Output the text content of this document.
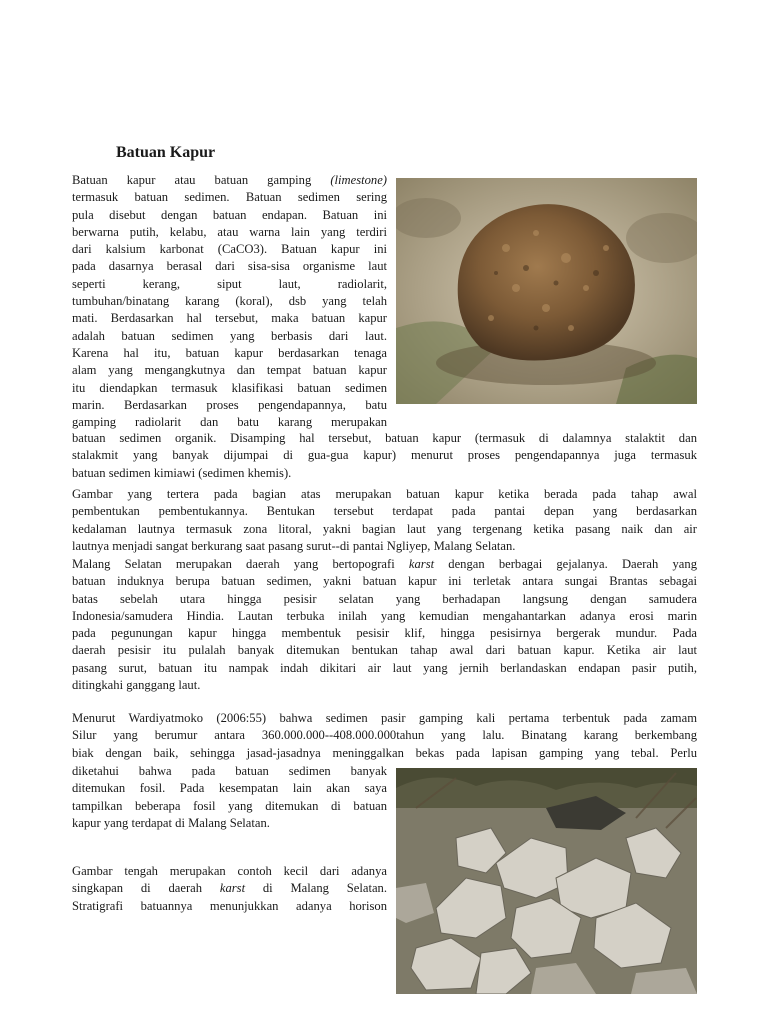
Batuan Kapur
Batuan kapur atau batuan gamping (limestone)
termasuk batuan sedimen. Batuan sedimen sering
pula disebut dengan batuan endapan. Batuan ini
berwarna putih, kelabu, atau warna lain yang terdiri
dari kalsium karbonat (CaCO3). Batuan kapur ini
pada dasarnya berasal dari sisa-sisa organisme laut
seperti kerang, siput laut, radiolarit,
tumbuhan/binatang karang (koral), dsb yang telah
mati. Berdasarkan hal tersebut, maka batuan kapur
adalah batuan sedimen yang berbasis dari laut.
Karena hal itu, batuan kapur berdasarkan tenaga
alam yang mengangkutnya dan tempat batuan kapur
itu diendapkan termasuk klasifikasi batuan sedimen
marin. Berdasarkan proses pengendapannya, batu
gamping radiolarit dan batu karang merupakan
batuan sedimen organik. Disamping hal tersebut, batuan kapur (termasuk di dalamnya stalaktit dan
stalakmit yang banyak dijumpai di gua-gua kapur) menurut proses pengendapannya juga termasuk
batuan sedimen kimiawi (sedimen khemis).
Gambar yang tertera pada bagian atas merupakan batuan kapur ketika berada pada tahap awal
pembentukan pembentukannya. Bentukan tersebut terdapat pada pantai depan yang berdasarkan
kedalaman lautnya termasuk zona litoral, yakni bagian laut yang tergenang ketika pasang naik dan air
lautnya menjadi sangat berkurang saat pasang surut--di pantai Ngliyep, Malang Selatan.
Malang Selatan merupakan daerah yang bertopografi karst dengan berbagai gejalanya. Daerah yang
batuan induknya berupa batuan sedimen, yakni batuan kapur ini terletak antara sungai Brantas sebagai
batas sebelah utara hingga pesisir selatan yang berhadapan langsung dengan samudera
Indonesia/samudera Hindia. Lautan terbuka inilah yang kemudian mengahantarkan adanya erosi marin
pada pegunungan kapur hingga membentuk pesisir klif, hingga pesisirnya bergerak mundur. Pada
daerah pesisir itu pulalah banyak ditemukan bentukan tahap awal dari batuan kapur. Ketika air laut
pasang surut, batuan itu nampak indah dikitari air laut yang jernih berlandaskan endapan pasir putih,
ditingkahi ganggang laut.
Menurut Wardiyatmoko (2006:55) bahwa sedimen pasir gamping kali pertama terbentuk pada zamam
Silur yang berumur antara 360.000.000--408.000.000tahun yang lalu. Binatang karang berkembang
biak dengan baik, sehingga jasad-jasadnya meninggalkan bekas pada lapisan gamping yang tebal. Perlu
diketahui bahwa pada batuan sedimen banyak
ditemukan fosil. Pada kesempatan lain akan saya
tampilkan beberapa fosil yang ditemukan di batuan
kapur yang terdapat di Malang Selatan.
Gambar tengah merupakan contoh kecil dari adanya
singkapan di daerah karst di Malang Selatan.
Stratigrafi batuannya menunjukkan adanya horison
